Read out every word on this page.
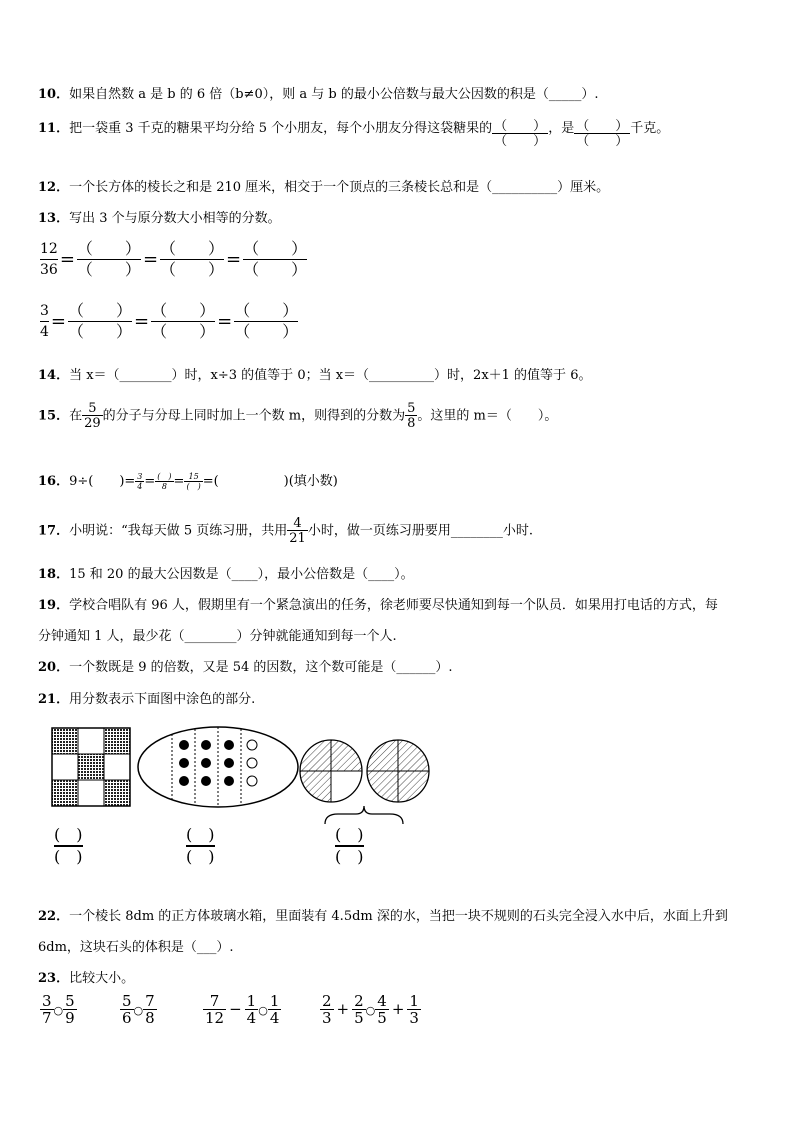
10．如果自然数 a 是 b 的 6 倍（b≠0），则 a 与 b 的最小公倍数与最大公因数的积是（_____）.
11．把一袋重 3 千克的糖果平均分给 5 个小朋友，每个小朋友分得这袋糖果的 $\frac{( )}{( )}$ ，是 $\frac{( )}{( )}$ 千克。
12．一个长方体的棱长之和是 210 厘米，相交于一个顶点的三条棱长总和是（__________）厘米。
13．写出 3 个与原分数大小相等的分数。
$\frac{12}{36}$ =
（　　）
（　　） =
（　　）
（　　） =
（　　）
（　　）
$\frac{3}{4}$ =
（　　）
（　　） =
（　　）
（　　） =
（　　）
（　　）
14．当 x＝（________）时，x÷3 的值等于 0；当 x＝（__________）时，2x＋1 的值等于 6。
15．在 $\frac{5}{29}$ 的分子与分母上同时加上一个数 m，则得到的分数为 $\frac{5}{8}$ 。这里的 m＝（　　）。
16．9÷(　　)= $\frac{3}{4} = \frac{( )}{8} = \frac{15}{( )}$ =(　　　　　)(填小数)
17．小明说：“我每天做 5 页练习册，共用 $\frac{4}{21}$ 小时，做一页练习册要用________小时.
18．15 和 20 的最大公因数是（____），最小公倍数是（____）。
19．学校合唱队有 96 人，假期里有一个紧急演出的任务，徐老师要尽快通知到每一个队员．如果用打电话的方式，每
分钟通知 1 人，最少花（________）分钟就能通知到每一个人.
20．一个数既是 9 的倍数，又是 54 的因数，这个数可能是（______）.
21．用分数表示下面图中涂色的部分.
(　)
(　)
(　)
(　)
(　)
(　)
22．一个棱长 8dm 的正方体玻璃水箱，里面装有 4.5dm 深的水，当把一块不规则的石头完全浸入水中后，水面上升到
6dm，这块石头的体积是（___）.
23．比较大小。
$\frac{3}{7}$ ○ $\frac{5}{9}$	$\frac{5}{6}$ ○ $\frac{7}{8}$	$\frac{7}{12} - \frac{1}{4}$ ○ $\frac{1}{4}$	$\frac{2}{3} + \frac{2}{5}$ ○ $\frac{4}{5} + \frac{1}{3}$
